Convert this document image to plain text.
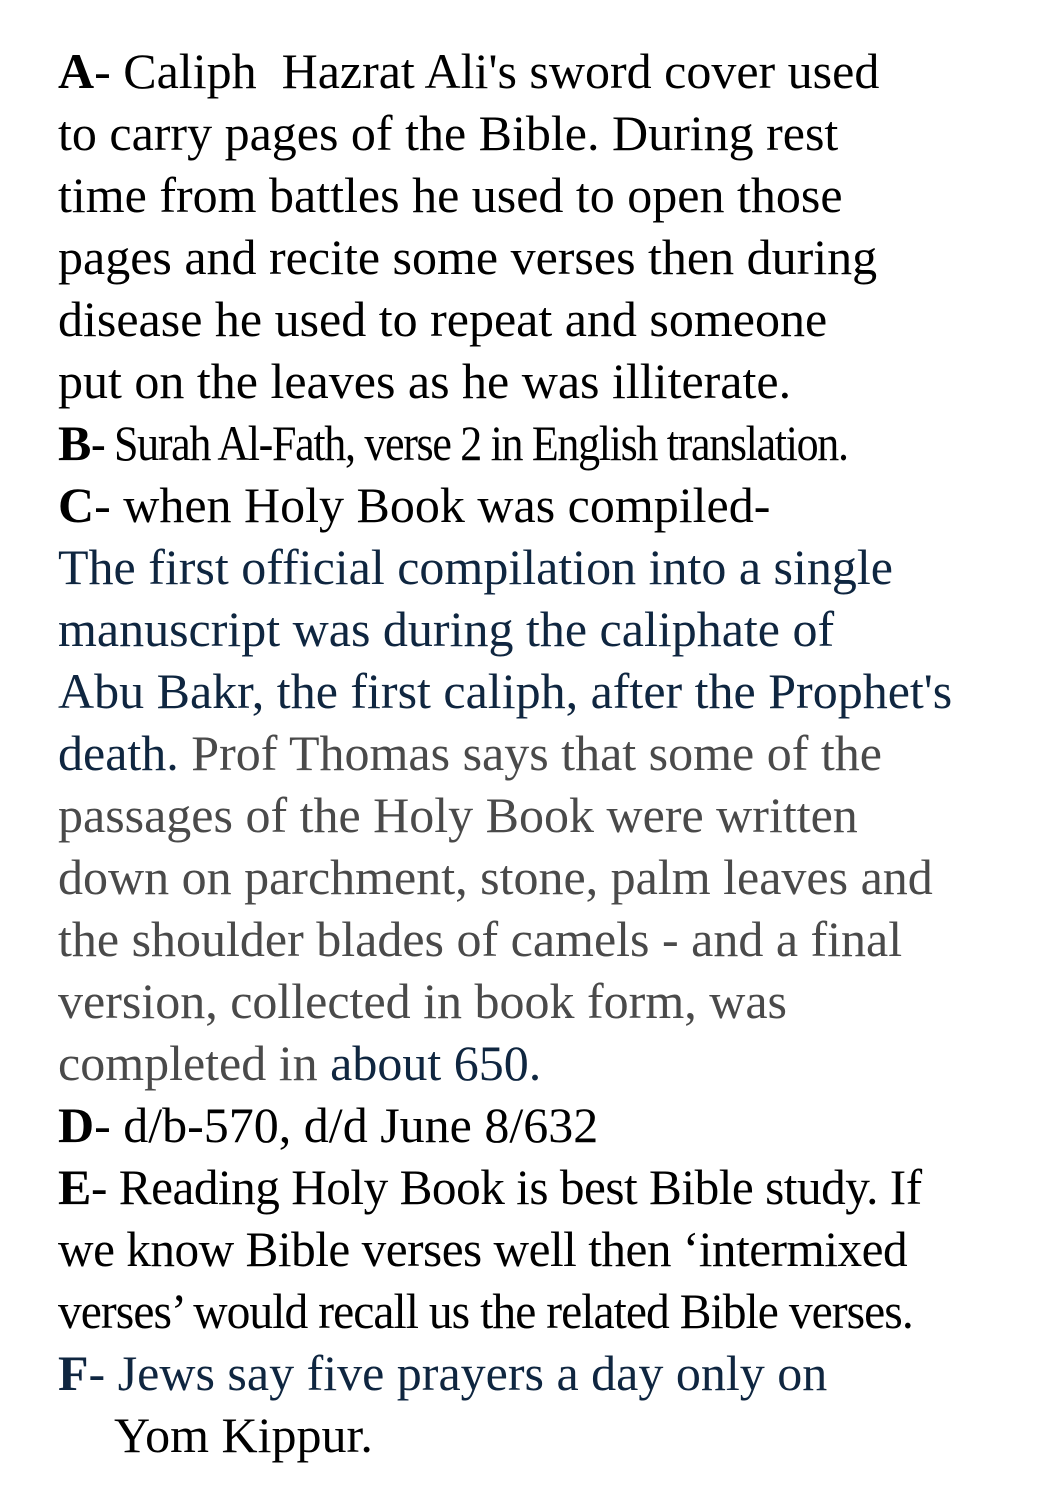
A- Caliph  Hazrat Ali's sword cover used
to carry pages of the Bible. During rest
time from battles he used to open those
pages and recite some verses then during
disease he used to repeat and someone
put on the leaves as he was illiterate.
B- Surah Al-Fath, verse 2 in English translation.
C- when Holy Book was compiled-
The first official compilation into a single
manuscript was during the caliphate of
Abu Bakr, the first caliph, after the Prophet's
death. Prof Thomas says that some of the
passages of the Holy Book were written
down on parchment, stone, palm leaves and
the shoulder blades of camels - and a final
version, collected in book form, was
completed in about 650.
D- d/b-570, d/d June 8/632
E- Reading Holy Book is best Bible study. If
we know Bible verses well then ‘intermixed
verses’ would recall us the related Bible verses.
F- Jews say five prayers a day only on
Yom Kippur.
